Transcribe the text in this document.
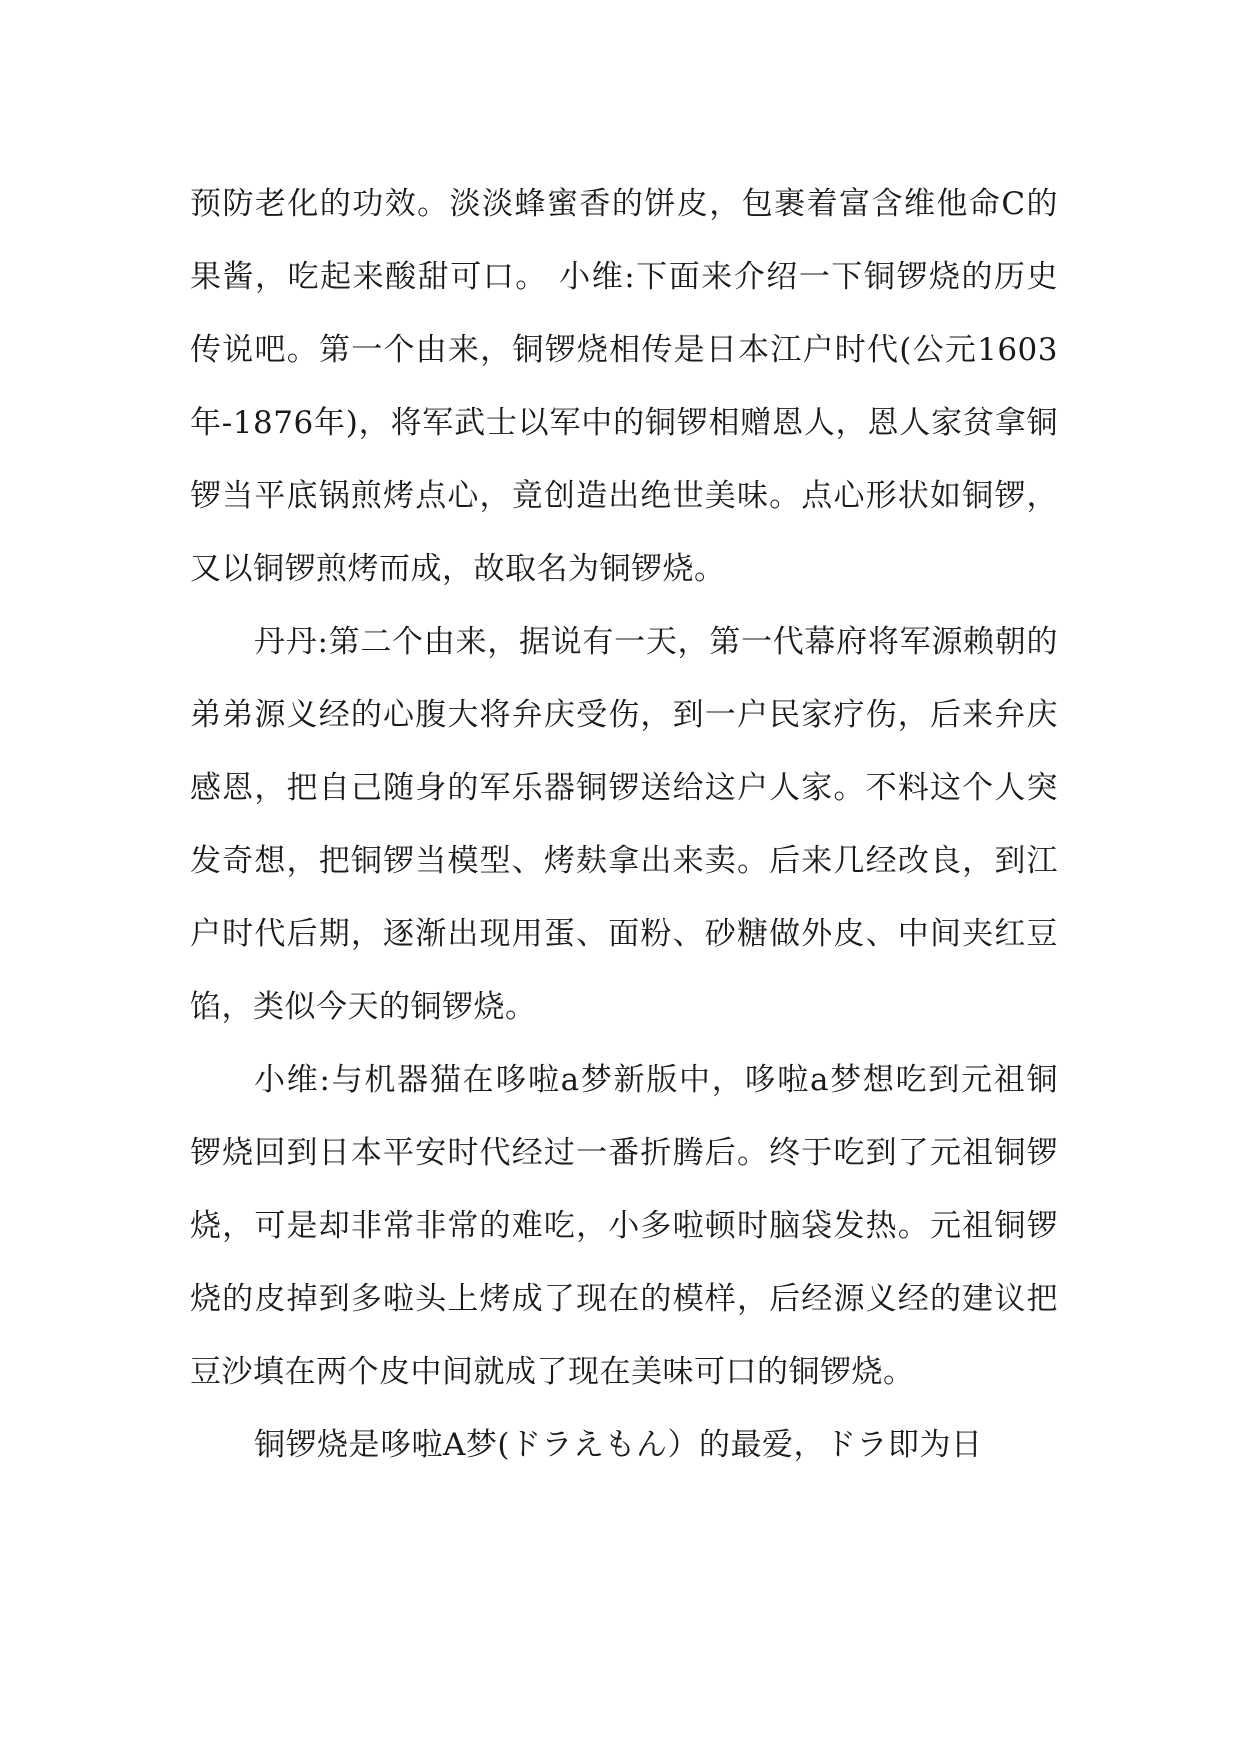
预防老化的功效。淡淡蜂蜜香的饼皮，包裹着富含维他命C的果酱，吃起来酸甜可口。 小维:下面来介绍一下铜锣烧的历史传说吧。第一个由来，铜锣烧相传是日本江户时代(公元1603年-1876年)，将军武士以军中的铜锣相赠恩人，恩人家贫拿铜锣当平底锅煎烤点心，竟创造出绝世美味。点心形状如铜锣，又以铜锣煎烤而成，故取名为铜锣烧。

丹丹:第二个由来，据说有一天，第一代幕府将军源赖朝的弟弟源义经的心腹大将弁庆受伤，到一户民家疗伤，后来弁庆感恩，把自己随身的军乐器铜锣送给这户人家。不料这个人突发奇想，把铜锣当模型、烤麸拿出来卖。后来几经改良，到江户时代后期，逐渐出现用蛋、面粉、砂糖做外皮、中间夹红豆馅，类似今天的铜锣烧。

小维:与机器猫在哆啦a梦新版中，哆啦a梦想吃到元祖铜锣烧回到日本平安时代经过一番折腾后。终于吃到了元祖铜锣烧，可是却非常非常的难吃，小多啦顿时脑袋发热。元祖铜锣烧的皮掉到多啦头上烤成了现在的模样，后经源义经的建议把豆沙填在两个皮中间就成了现在美味可口的铜锣烧。

铜锣烧是哆啦A梦(ドラえもん）的最爱，ドラ即为日
